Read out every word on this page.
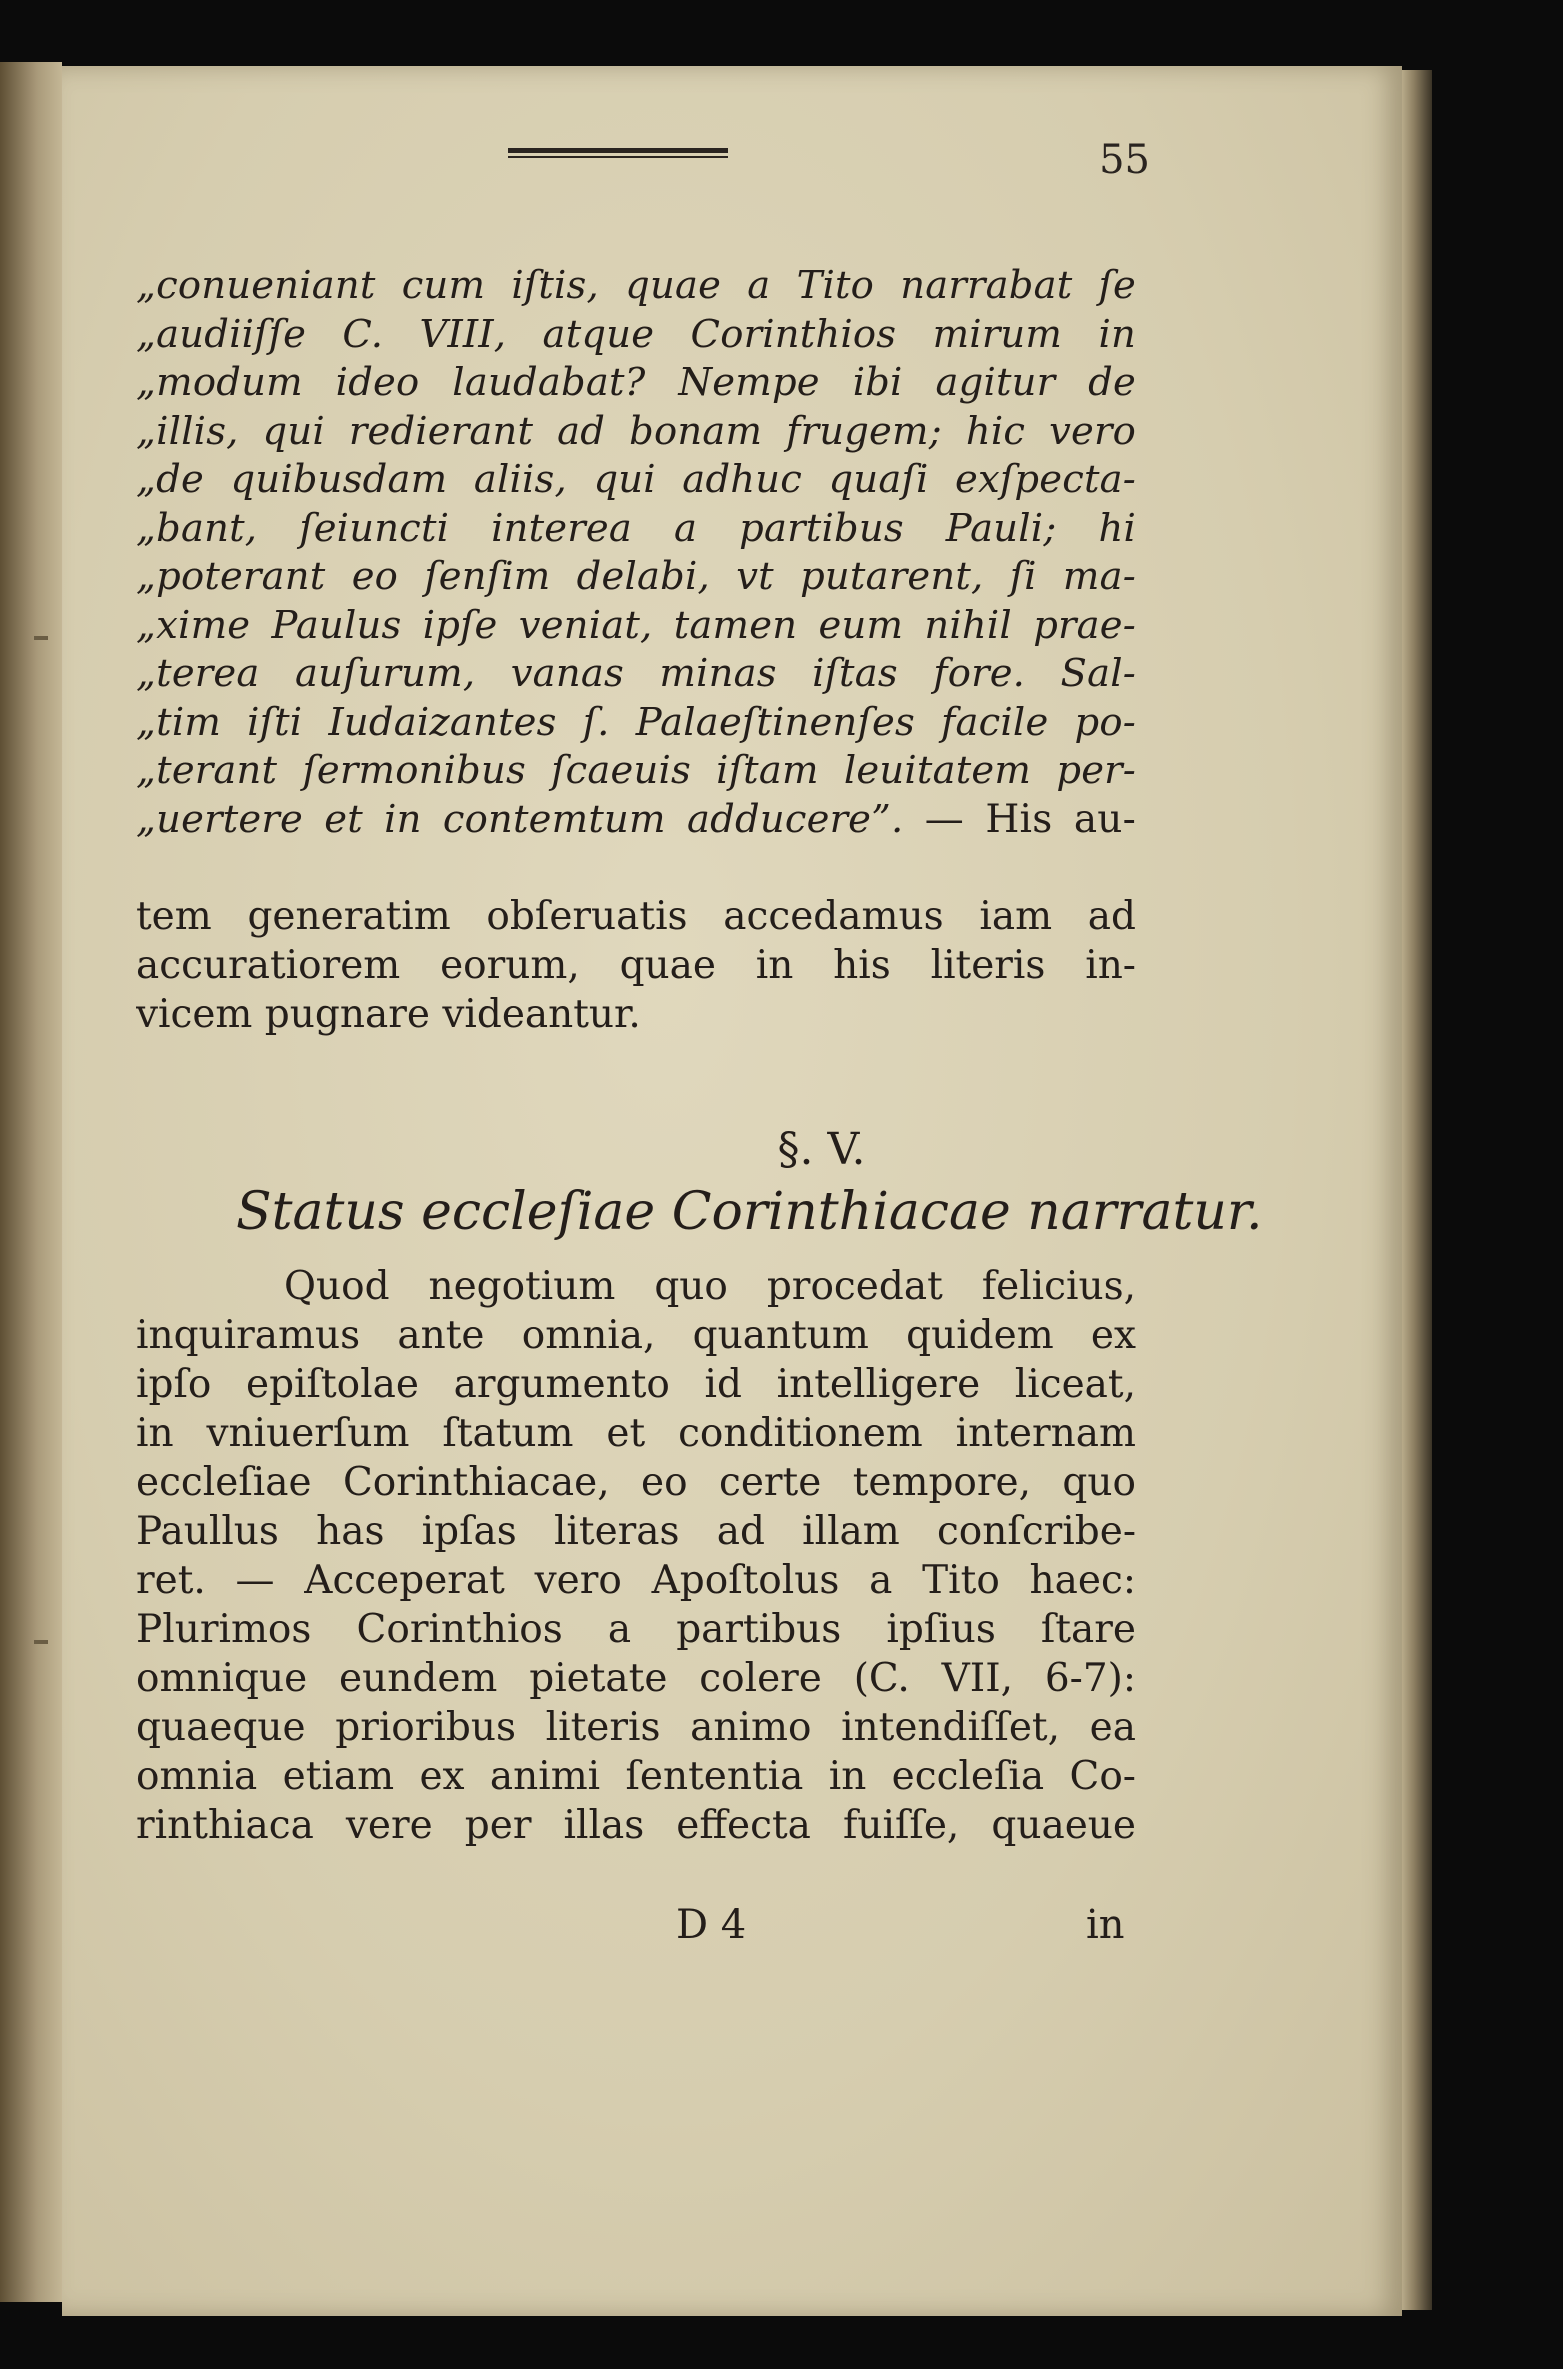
55
„conueniant cum iſtis, quae a Tito narrabat ſe
„audiiſſe C. VIII, atque Corinthios mirum in
„modum ideo laudabat? Nempe ibi agitur de
„illis, qui redierant ad bonam frugem; hic vero
„de quibusdam aliis, qui adhuc quaſi exſpecta-
„bant, ſeiuncti interea a partibus Pauli; hi
„poterant eo ſenſim delabi, vt putarent, ſi ma-
„xime Paulus ipſe veniat, tamen eum nihil prae-
„terea auſurum, vanas minas iſtas fore. Sal-
„tim iſti Iudaizantes ſ. Palaeſtinenſes facile po-
„terant ſermonibus ſcaeuis iſtam leuitatem per-
„uertere et in contemtum adducere”. — His au-
tem generatim obſeruatis accedamus iam ad
accuratiorem eorum, quae in his literis in-
vicem pugnare videantur.
§. V.
Status eccleſiae Corinthiacae narratur.
Quod negotium quo procedat felicius,
inquiramus ante omnia, quantum quidem ex
ipſo epiſtolae argumento id intelligere liceat,
in vniuerſum ſtatum et conditionem internam
eccleſiae Corinthiacae, eo certe tempore, quo
Paullus has ipſas literas ad illam conſcribe-
ret. — Acceperat vero Apoſtolus a Tito haec:
Plurimos Corinthios a partibus ipſius ſtare
omnique eundem pietate colere (C. VII, 6-7):
quaeque prioribus literis animo intendiſſet, ea
omnia etiam ex animi ſententia in eccleſia Co-
rinthiaca vere per illas effecta fuiſſe, quaeue
D 4	in
